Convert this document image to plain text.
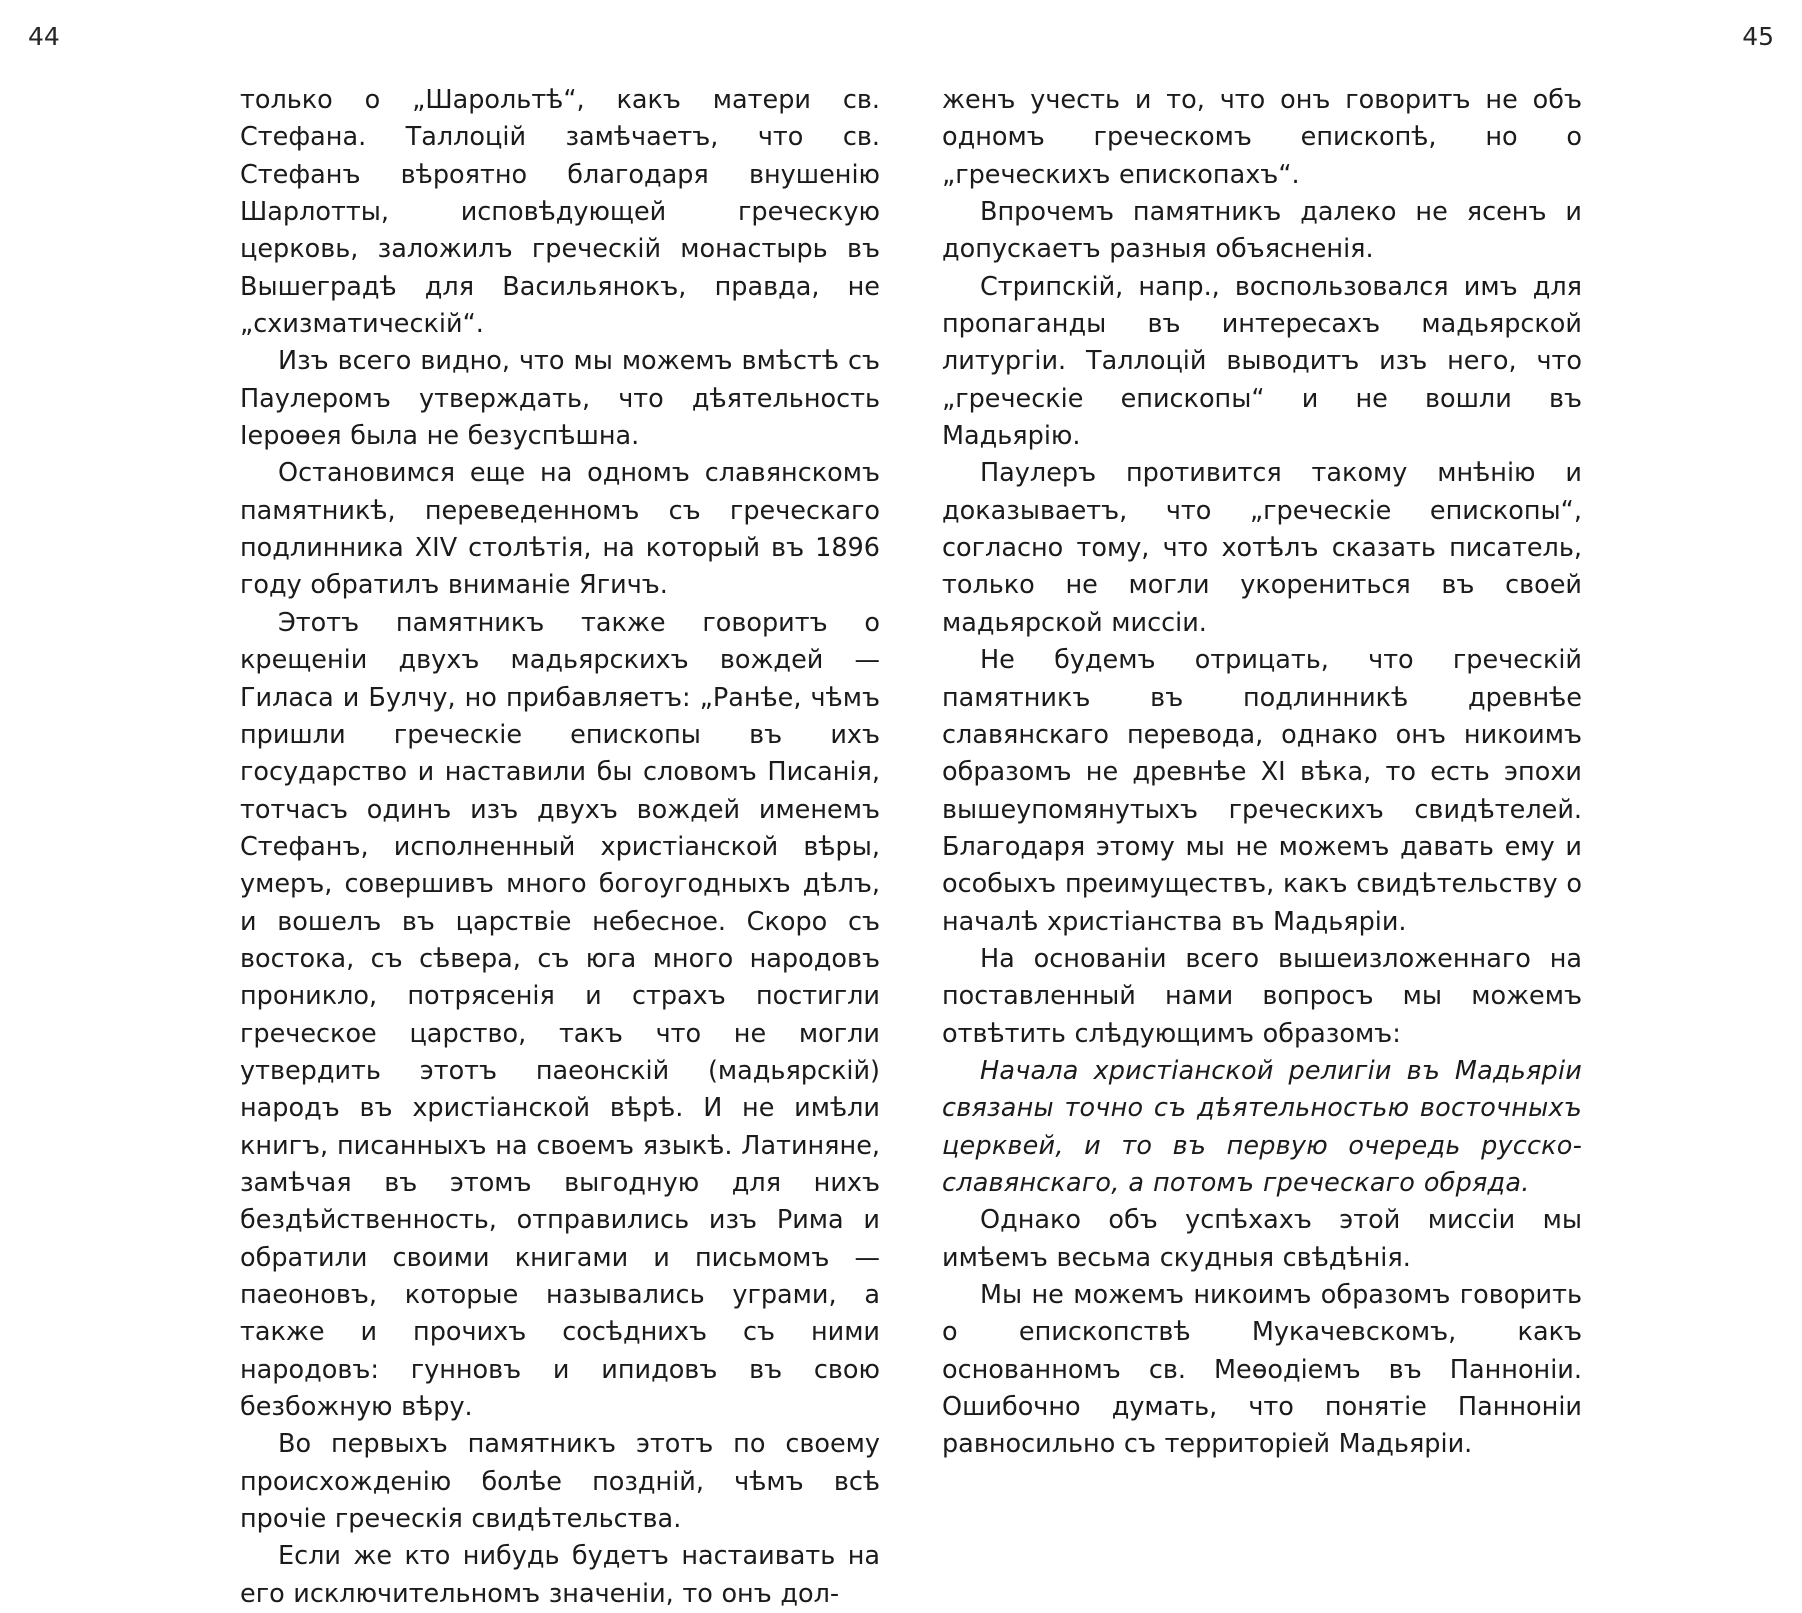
44	45

только о „Шарольтѣ“, какъ матери св. Стефана. Таллоцій замѣчаетъ, что св. Стефанъ вѣроятно благодаря внушенію Шарлотты, исповѣдующей греческую церковь, заложилъ греческій монастырь въ Вышеградѣ для Васильянокъ, правда, не „схизматическій“.

Изъ всего видно, что мы можемъ вмѣстѣ съ Паулеромъ утверждать, что дѣятельность Іероѳея была не безуспѣшна.

Остановимся еще на одномъ славянскомъ памятникѣ, переведенномъ съ греческаго подлинника XIV столѣтія, на который въ 1896 году обратилъ вниманіе Ягичъ.

Этотъ памятникъ также говоритъ о крещеніи двухъ мадьярскихъ вождей — Гиласа и Булчу, но прибавляетъ: „Ранѣе, чѣмъ пришли греческіе епископы въ ихъ государство и наставили бы словомъ Писанія, тотчасъ одинъ изъ двухъ вождей именемъ Стефанъ, исполненный христіанской вѣры, умеръ, совершивъ много богоугодныхъ дѣлъ, и вошелъ въ царствіе небесное. Скоро съ востока, съ сѣвера, съ юга много народовъ проникло, потрясенія и страхъ постигли греческое царство, такъ что не могли утвердить этотъ паеонскій (мадьярскій) народъ въ христіанской вѣрѣ. И не имѣли книгъ, писанныхъ на своемъ языкѣ. Латиняне, замѣчая въ этомъ выгодную для нихъ бездѣйственность, отправились изъ Рима и обратили своими книгами и письмомъ — паеоновъ, которые назывались уграми, а также и прочихъ сосѣднихъ съ ними народовъ: гунновъ и ипидовъ въ свою безбожную вѣру.

Во первыхъ памятникъ этотъ по своему происхожденію болѣе поздній, чѣмъ всѣ прочіе греческія свидѣтельства.

Если же кто нибудь будетъ настаивать на его исключительномъ значеніи, то онъ дол-

женъ учесть и то, что онъ говоритъ не объ одномъ греческомъ епископѣ, но о „греческихъ епископахъ“.

Впрочемъ памятникъ далеко не ясенъ и допускаетъ разныя объясненія.

Стрипскій, напр., воспользовался имъ для пропаганды въ интересахъ мадьярской литургіи. Таллоцій выводитъ изъ него, что „греческіе епископы“ и не вошли въ Мадьярію.

Паулеръ противится такому мнѣнію и доказываетъ, что „греческіе епископы“, согласно тому, что хотѣлъ сказать писатель, только не могли укорениться въ своей мадьярской миссіи.

Не будемъ отрицать, что греческій памятникъ въ подлинникѣ древнѣе славянскаго перевода, однако онъ никоимъ образомъ не древнѣе XI вѣка, то есть эпохи вышеупомянутыхъ греческихъ свидѣтелей. Благодаря этому мы не можемъ давать ему и особыхъ преимуществъ, какъ свидѣтельству о началѣ христіанства въ Мадьяріи.

На основаніи всего вышеизложеннаго на поставленный нами вопросъ мы можемъ отвѣтить слѣдующимъ образомъ:

Начала христіанской религіи въ Мадьяріи связаны точно съ дѣятельностью восточныхъ церквей, и то въ первую очередь русско-славянскаго, а потомъ греческаго обряда.

Однако объ успѣхахъ этой миссіи мы имѣемъ весьма скудныя свѣдѣнія.

Мы не можемъ никоимъ образомъ говорить о епископствѣ Мукачевскомъ, какъ основанномъ св. Меѳодіемъ въ Панноніи. Ошибочно думать, что понятіе Панноніи равносильно съ территоріей Мадьяріи.
